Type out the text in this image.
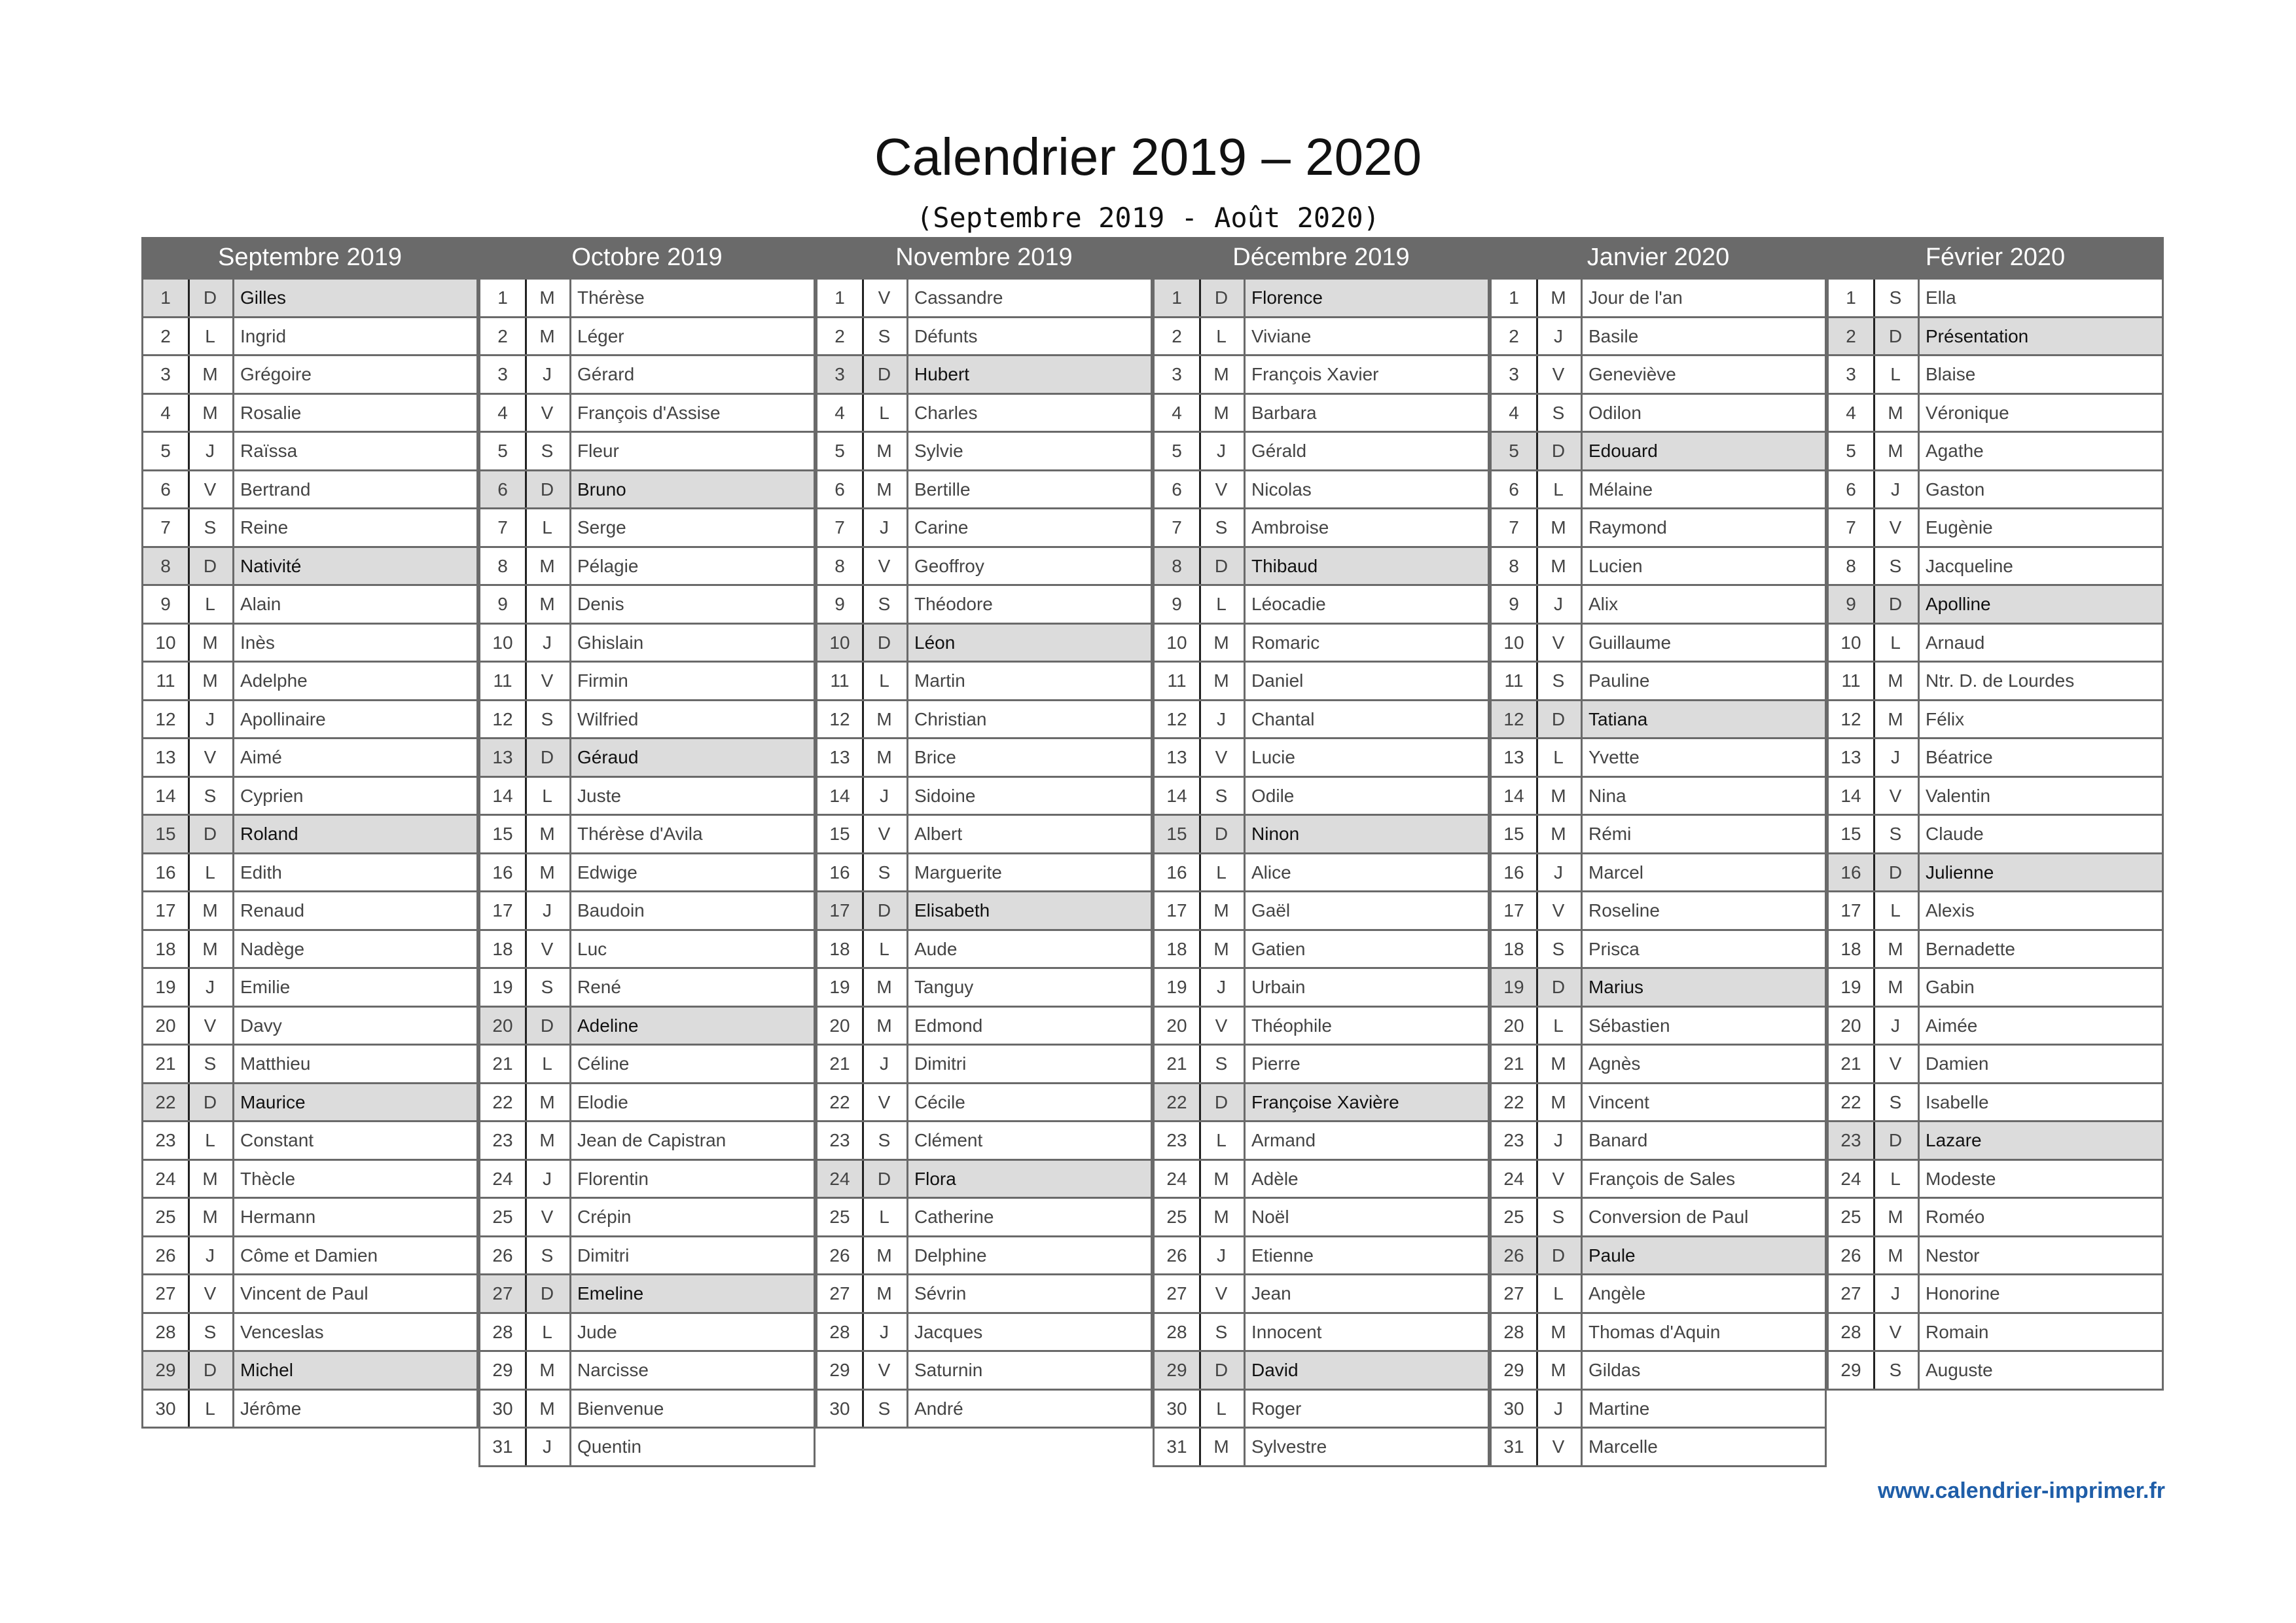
Calendrier 2019 – 2020
(Septembre 2019 - Août 2020)
Septembre 2019
1	D	Gilles
2	L	Ingrid
3	M	Grégoire
4	M	Rosalie
5	J	Raïssa
6	V	Bertrand
7	S	Reine
8	D	Nativité
9	L	Alain
10	M	Inès
11	M	Adelphe
12	J	Apollinaire
13	V	Aimé
14	S	Cyprien
15	D	Roland
16	L	Edith
17	M	Renaud
18	M	Nadège
19	J	Emilie
20	V	Davy
21	S	Matthieu
22	D	Maurice
23	L	Constant
24	M	Thècle
25	M	Hermann
26	J	Côme et Damien
27	V	Vincent de Paul
28	S	Venceslas
29	D	Michel
30	L	Jérôme
Octobre 2019
1	M	Thérèse
2	M	Léger
3	J	Gérard
4	V	François d'Assise
5	S	Fleur
6	D	Bruno
7	L	Serge
8	M	Pélagie
9	M	Denis
10	J	Ghislain
11	V	Firmin
12	S	Wilfried
13	D	Géraud
14	L	Juste
15	M	Thérèse d'Avila
16	M	Edwige
17	J	Baudoin
18	V	Luc
19	S	René
20	D	Adeline
21	L	Céline
22	M	Elodie
23	M	Jean de Capistran
24	J	Florentin
25	V	Crépin
26	S	Dimitri
27	D	Emeline
28	L	Jude
29	M	Narcisse
30	M	Bienvenue
31	J	Quentin
Novembre 2019
1	V	Cassandre
2	S	Défunts
3	D	Hubert
4	L	Charles
5	M	Sylvie
6	M	Bertille
7	J	Carine
8	V	Geoffroy
9	S	Théodore
10	D	Léon
11	L	Martin
12	M	Christian
13	M	Brice
14	J	Sidoine
15	V	Albert
16	S	Marguerite
17	D	Elisabeth
18	L	Aude
19	M	Tanguy
20	M	Edmond
21	J	Dimitri
22	V	Cécile
23	S	Clément
24	D	Flora
25	L	Catherine
26	M	Delphine
27	M	Sévrin
28	J	Jacques
29	V	Saturnin
30	S	André
Décembre 2019
1	D	Florence
2	L	Viviane
3	M	François Xavier
4	M	Barbara
5	J	Gérald
6	V	Nicolas
7	S	Ambroise
8	D	Thibaud
9	L	Léocadie
10	M	Romaric
11	M	Daniel
12	J	Chantal
13	V	Lucie
14	S	Odile
15	D	Ninon
16	L	Alice
17	M	Gaël
18	M	Gatien
19	J	Urbain
20	V	Théophile
21	S	Pierre
22	D	Françoise Xavière
23	L	Armand
24	M	Adèle
25	M	Noël
26	J	Etienne
27	V	Jean
28	S	Innocent
29	D	David
30	L	Roger
31	M	Sylvestre
Janvier 2020
1	M	Jour de l'an
2	J	Basile
3	V	Geneviève
4	S	Odilon
5	D	Edouard
6	L	Mélaine
7	M	Raymond
8	M	Lucien
9	J	Alix
10	V	Guillaume
11	S	Pauline
12	D	Tatiana
13	L	Yvette
14	M	Nina
15	M	Rémi
16	J	Marcel
17	V	Roseline
18	S	Prisca
19	D	Marius
20	L	Sébastien
21	M	Agnès
22	M	Vincent
23	J	Banard
24	V	François de Sales
25	S	Conversion de Paul
26	D	Paule
27	L	Angèle
28	M	Thomas d'Aquin
29	M	Gildas
30	J	Martine
31	V	Marcelle
Février 2020
1	S	Ella
2	D	Présentation
3	L	Blaise
4	M	Véronique
5	M	Agathe
6	J	Gaston
7	V	Eugènie
8	S	Jacqueline
9	D	Apolline
10	L	Arnaud
11	M	Ntr. D. de Lourdes
12	M	Félix
13	J	Béatrice
14	V	Valentin
15	S	Claude
16	D	Julienne
17	L	Alexis
18	M	Bernadette
19	M	Gabin
20	J	Aimée
21	V	Damien
22	S	Isabelle
23	D	Lazare
24	L	Modeste
25	M	Roméo
26	M	Nestor
27	J	Honorine
28	V	Romain
29	S	Auguste
www.calendrier-imprimer.fr
